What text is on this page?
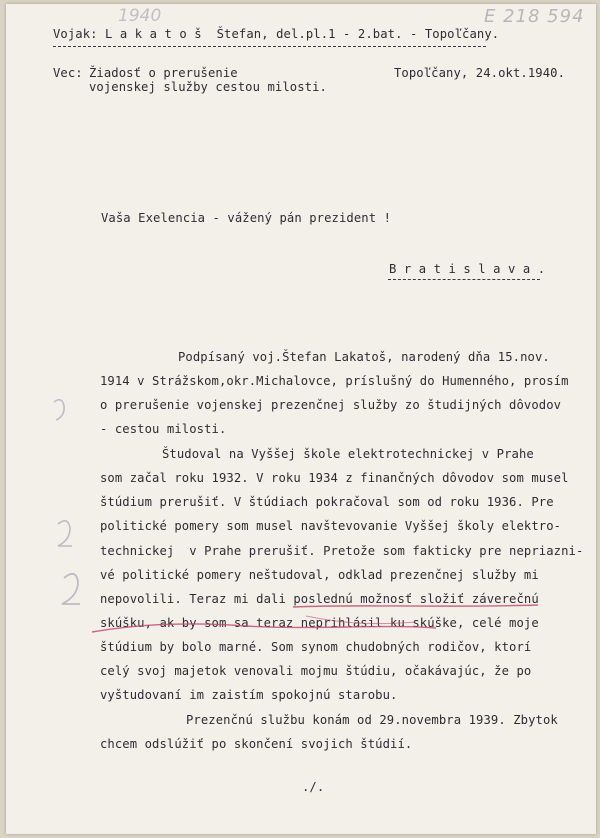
Vojak: L a k a t o š  Štefan, del.pl.1 - 2.bat. - Topoľčany.
1940	E 218 594
Vec: Žiadosť o prerušenie
vojenskej služby cestou milosti.
Topoľčany, 24.okt.1940.
Vaša Exelencia - vážený pán prezident !
B r a t i s l a v a .
Podpísaný voj.Štefan Lakatoš, narodený dňa 15.nov.
1914 v Strážskom,okr.Michalovce, príslušný do Humenného, prosím
o prerušenie vojenskej prezenčnej služby zo študijných dôvodov
- cestou milosti.
Študoval na Vyššej škole elektrotechnickej v Prahe
som začal roku 1932. V roku 1934 z finančných dôvodov som musel
štúdium prerušiť. V štúdiach pokračoval som od roku 1936. Pre
politické pomery som musel navštevovanie Vyššej školy elektro-
technickej  v Prahe prerušiť. Pretože som fakticky pre nepriazni-
vé politické pomery neštudoval, odklad prezenčnej služby mi
nepovolili. Teraz mi dali poslednú možnosť složiť záverečnú
skúšku, ak by som sa teraz neprihlásil ku skúške, celé moje
štúdium by bolo marné. Som synom chudobných rodičov, ktorí
celý svoj majetok venovali mojmu štúdiu, očakávajúc, že po
vyštudovaní im zaistím spokojnú starobu.
Prezenčnú službu konám od 29.novembra 1939. Zbytok
chcem odslúžiť po skončení svojich štúdií.
./.
